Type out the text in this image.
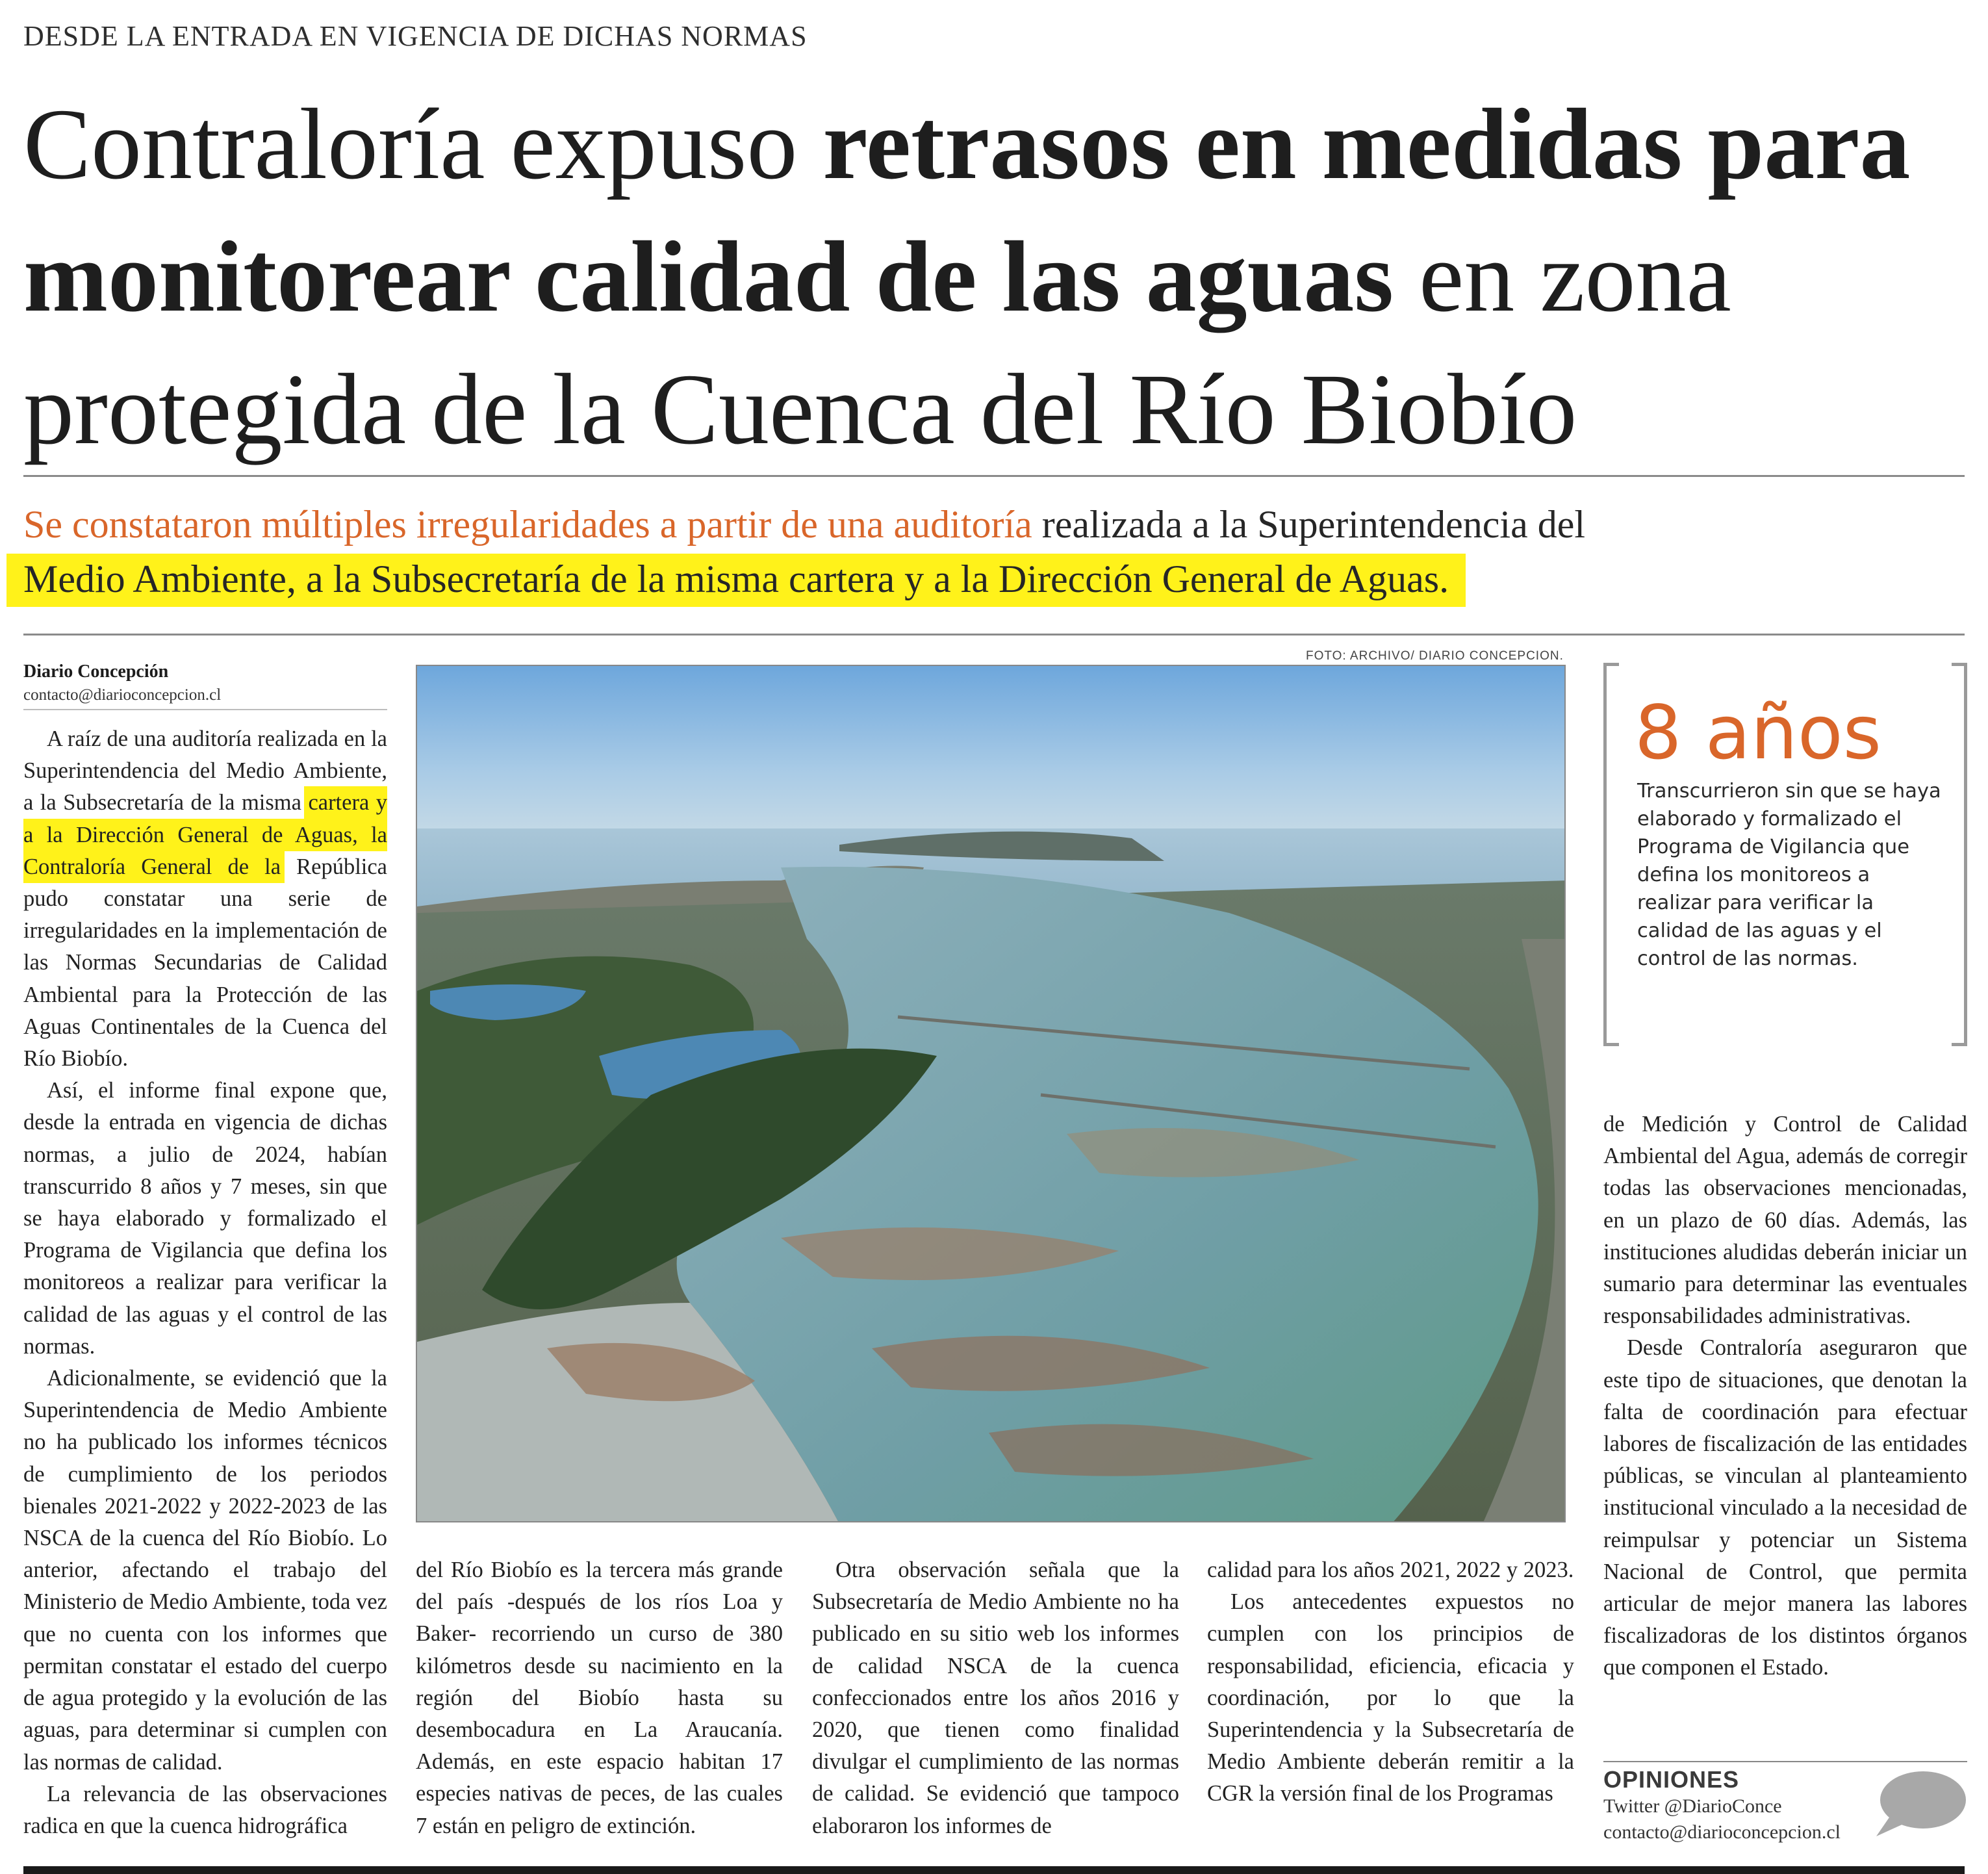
DESDE LA ENTRADA EN VIGENCIA DE DICHAS NORMAS
Contraloría expuso retrasos en medidas para monitorear calidad de las aguas en zona protegida de la Cuenca del Río Biobío
Se constataron múltiples irregularidades a partir de una auditoría realizada a la Superintendencia del
Medio Ambiente, a la Subsecretaría de la misma cartera y a la Dirección General de Aguas.
Diario Concepción
contacto@diarioconcepcion.cl

A raíz de una auditoría realizada en la Superintendencia del Medio Ambiente, a la Subsecretaría de la misma cartera y a la Dirección General de Aguas, la Contraloría General de la República pudo constatar una serie de irregularidades en la implementación de las Normas Secundarias de Calidad Ambiental para la Protección de las Aguas Continentales de la Cuenca del Río Biobío.

Así, el informe final expone que, desde la entrada en vigencia de dichas normas, a julio de 2024, habían transcurrido 8 años y 7 meses, sin que se haya elaborado y formalizado el Programa de Vigilancia que defina los monitoreos a realizar para verificar la calidad de las aguas y el control de las normas.

Adicionalmente, se evidenció que la Superintendencia de Medio Ambiente no ha publicado los informes técnicos de cumplimiento de los periodos bienales 2021-2022 y 2022-2023 de las NSCA de la cuenca del Río Biobío. Lo anterior, afectando el trabajo del Ministerio de Medio Ambiente, toda vez que no cuenta con los informes que permitan constatar el estado del cuerpo de agua protegido y la evolución de las aguas, para determinar si cumplen con las normas de calidad.

La relevancia de las observaciones radica en que la cuenca hidrográfica

FOTO: ARCHIVO/ DIARIO CONCEPCION.
8 años
Transcurrieron sin que se haya elaborado y formalizado el Programa de Vigilancia que defina los monitoreos a realizar para verificar la calidad de las aguas y el control de las normas.

del Río Biobío es la tercera más grande del país -después de los ríos Loa y Baker- recorriendo un curso de 380 kilómetros desde su nacimiento en la región del Biobío hasta su desembocadura en La Araucanía. Además, en este espacio habitan 17 especies nativas de peces, de las cuales 7 están en peligro de extinción.

Otra observación señala que la Subsecretaría de Medio Ambiente no ha publicado en su sitio web los informes de calidad NSCA de la cuenca confeccionados entre los años 2016 y 2020, que tienen como finalidad divulgar el cumplimiento de las normas de calidad. Se evidenció que tampoco elaboraron los informes de

calidad para los años 2021, 2022 y 2023.

Los antecedentes expuestos no cumplen con los principios de responsabilidad, eficiencia, eficacia y coordinación, por lo que la Superintendencia y la Subsecretaría de Medio Ambiente deberán remitir a la CGR la versión final de los Programas

de Medición y Control de Calidad Ambiental del Agua, además de corregir todas las observaciones mencionadas, en un plazo de 60 días. Además, las instituciones aludidas deberán iniciar un sumario para determinar las eventuales responsabilidades administrativas.

Desde Contraloría aseguraron que este tipo de situaciones, que denotan la falta de coordinación para efectuar labores de fiscalización de las entidades públicas, se vinculan al planteamiento institucional vinculado a la necesidad de reimpulsar y potenciar un Sistema Nacional de Control, que permita articular de mejor manera las labores fiscalizadoras de los distintos órganos que componen el Estado.

OPINIONES
Twitter @DiarioConce
contacto@diarioconcepcion.cl
